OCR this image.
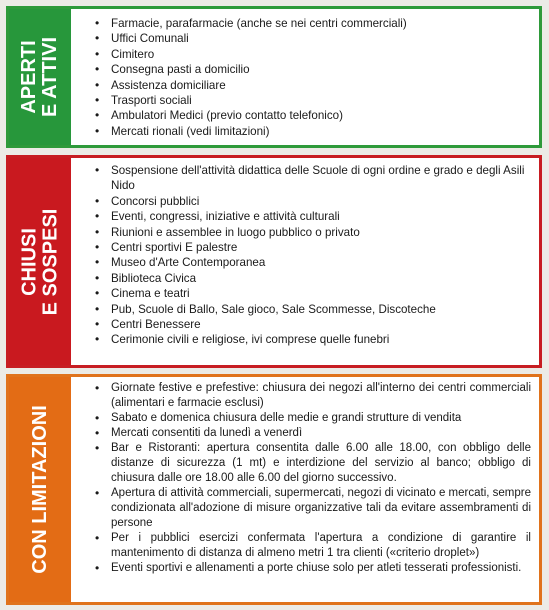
APERTI E ATTIVI
• Farmacie, parafarmacie (anche se nei centri commerciali)
• Uffici Comunali
• Cimitero
• Consegna pasti a domicilio
• Assistenza domiciliare
• Trasporti sociali
• Ambulatori Medici (previo contatto telefonico)
• Mercati rionali (vedi limitazioni)
CHIUSI E SOSPESI
• Sospensione dell'attività didattica delle Scuole di ogni ordine e grado e degli Asili Nido
• Concorsi pubblici
• Eventi, congressi, iniziative e attività culturali
• Riunioni e assemblee in luogo pubblico o privato
• Centri sportivi E palestre
• Museo d'Arte Contemporanea
• Biblioteca Civica
• Cinema e teatri
• Pub, Scuole di Ballo, Sale gioco, Sale Scommesse, Discoteche
• Centri Benessere
• Cerimonie civili e religiose, ivi comprese quelle funebri
CON LIMITAZIONI
• Giornate festive e prefestive: chiusura dei negozi all'interno dei centri commerciali (alimentari e farmacie esclusi)
• Sabato e domenica chiusura delle medie e grandi strutture di vendita
• Mercati consentiti da lunedì a venerdì
• Bar e Ristoranti: apertura consentita dalle 6.00 alle 18.00, con obbligo delle distanze di sicurezza (1 mt) e interdizione del servizio al banco; obbligo di chiusura dalle ore 18.00 alle 6.00 del giorno successivo.
• Apertura di attività commerciali, supermercati, negozi di vicinato e mercati, sempre condizionata all'adozione di misure organizzative tali da evitare assembramenti di persone
• Per i pubblici esercizi confermata l'apertura a condizione di garantire il mantenimento di distanza di almeno metri 1 tra clienti («criterio droplet»)
• Eventi sportivi e allenamenti a porte chiuse solo per atleti tesserati professionisti.
